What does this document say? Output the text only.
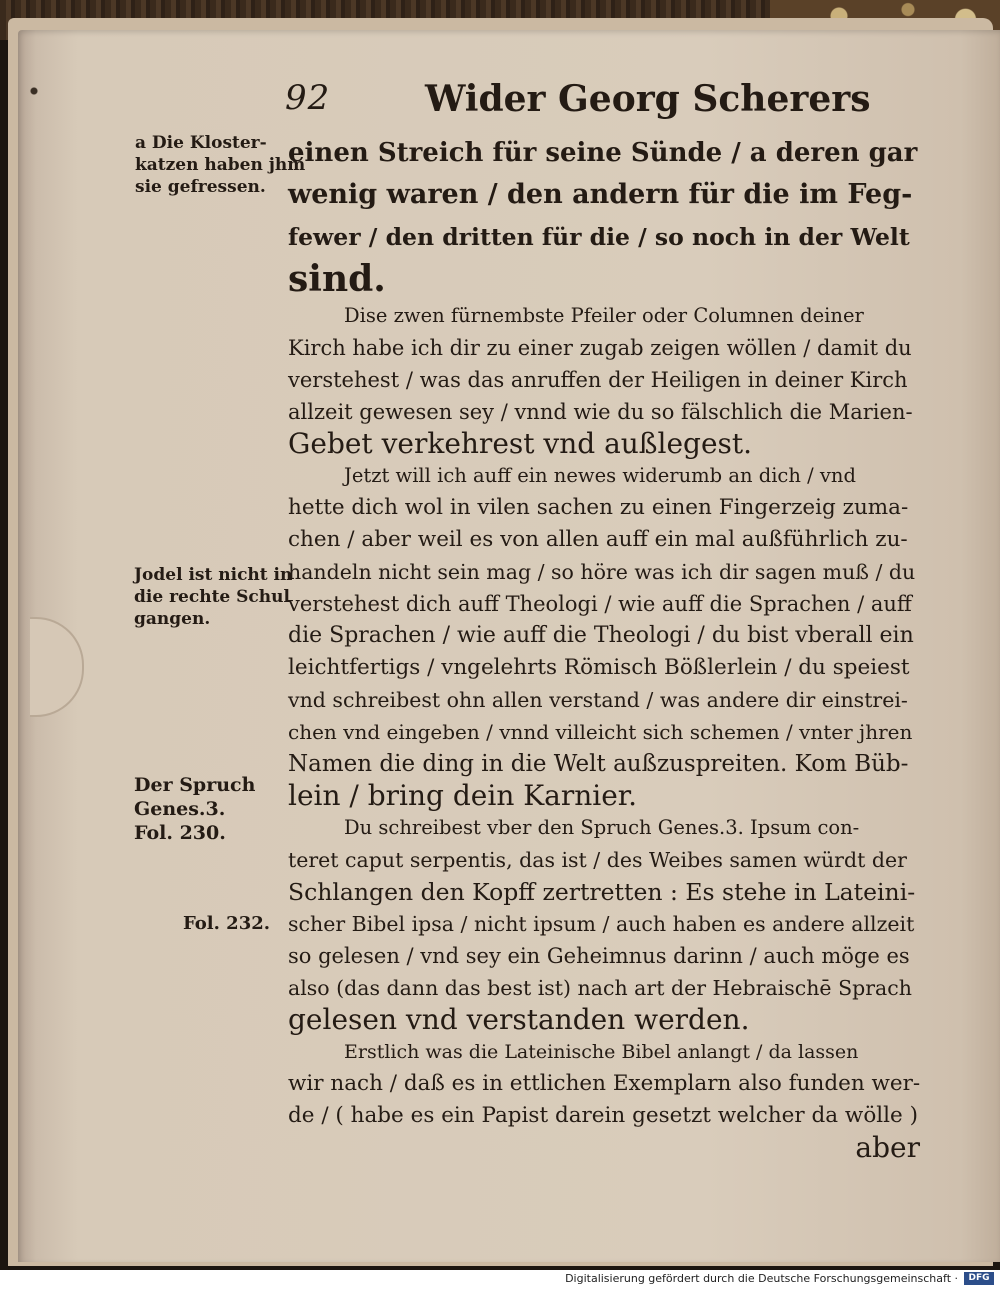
92	Wider Georg Scherers
a Die Kloster-
katzen haben jhm
sie gefressen.
Jodel ist nicht in
die rechte Schul
gangen.
Der Spruch
Genes.3.
Fol. 230.
Fol. 232.
einen Streich für seine Sünde / a deren gar
wenig waren / den andern für die im Feg-
fewer / den dritten für die / so noch in der Welt
sind.
Dise zwen fürnembste Pfeiler oder Columnen deiner
Kirch habe ich dir zu einer zugab zeigen wöllen / damit du
verstehest / was das anruffen der Heiligen in deiner Kirch
allzeit gewesen sey / vnnd wie du so fälschlich die Marien-
Gebet verkehrest vnd außlegest.
Jetzt will ich auff ein newes widerumb an dich / vnd
hette dich wol in vilen sachen zu einen Fingerzeig zuma-
chen / aber weil es von allen auff ein mal außführlich zu-
handeln nicht sein mag / so höre was ich dir sagen muß / du
verstehest dich auff Theologi / wie auff die Sprachen / auff
die Sprachen / wie auff die Theologi / du bist vberall ein
leichtfertigs / vngelehrts Römisch Bößlerlein / du speiest
vnd schreibest ohn allen verstand / was andere dir einstrei-
chen vnd eingeben / vnnd villeicht sich schemen / vnter jhren
Namen die ding in die Welt außzuspreiten. Kom Büb-
lein / bring dein Karnier.
Du schreibest vber den Spruch Genes.3. Ipsum con-
teret caput serpentis, das ist / des Weibes samen würdt der
Schlangen den Kopff zertretten : Es stehe in Lateini-
scher Bibel ipsa / nicht ipsum / auch haben es andere allzeit
so gelesen / vnd sey ein Geheimnus darinn / auch möge es
also (das dann das best ist) nach art der Hebraischē Sprach
gelesen vnd verstanden werden.
Erstlich was die Lateinische Bibel anlangt / da lassen
wir nach / daß es in ettlichen Exemplarn also funden wer-
de / ( habe es ein Papist darein gesetzt welcher da wölle )
aber
Digitalisierung gefördert durch die Deutsche Forschungsgemeinschaft ·	DFG
